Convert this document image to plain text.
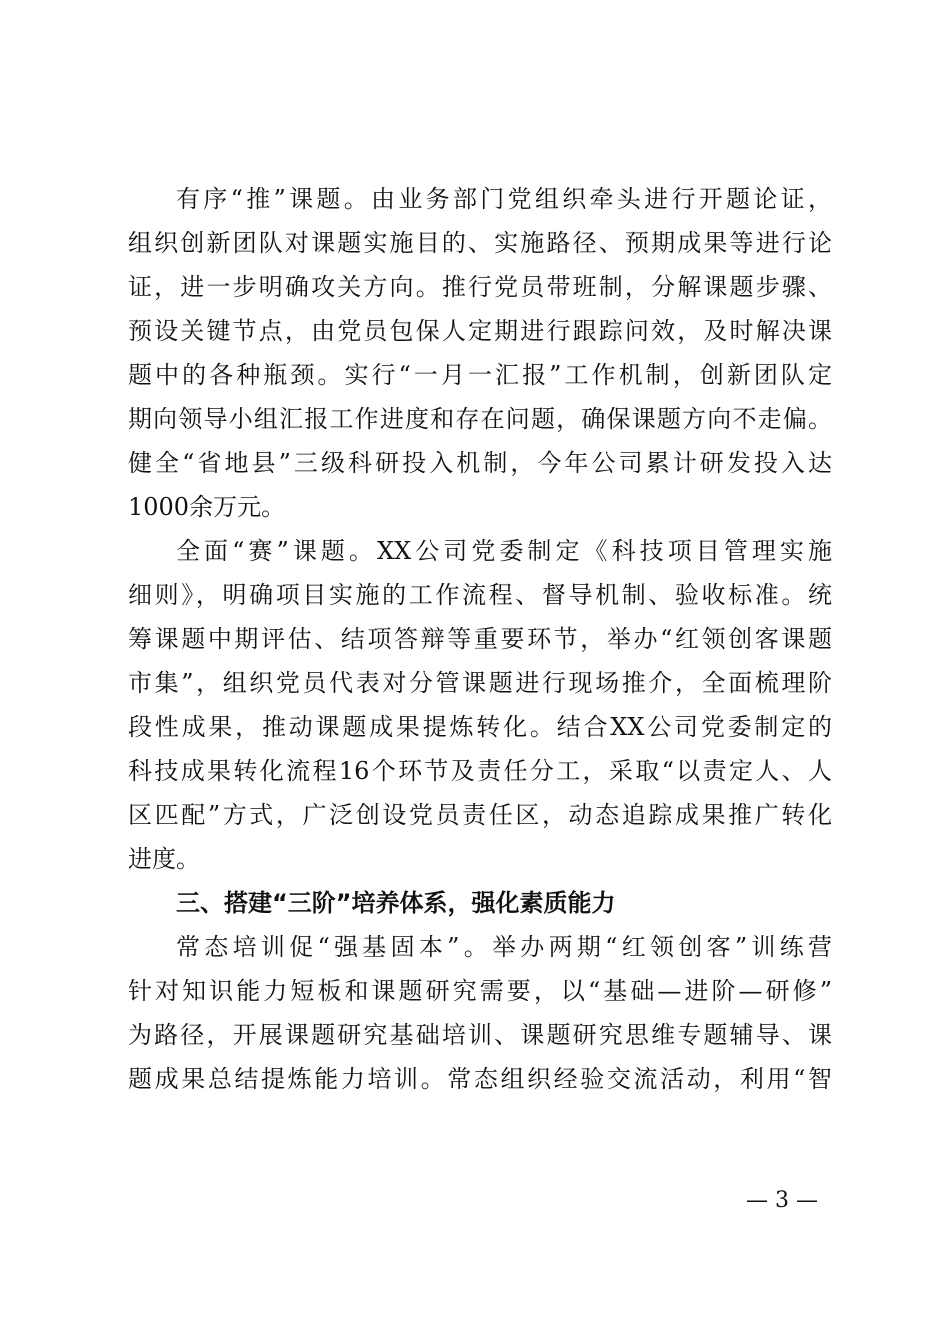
有序“推”课题。由业务部门党组织牵头进行开题论证，
组织创新团队对课题实施目的、实施路径、预期成果等进行论
证，进一步明确攻关方向。推行党员带班制，分解课题步骤、
预设关键节点，由党员包保人定期进行跟踪问效，及时解决课
题中的各种瓶颈。实行“一月一汇报”工作机制，创新团队定
期向领导小组汇报工作进度和存在问题，确保课题方向不走偏。
健全“省地县”三级科研投入机制，今年公司累计研发投入达
1000余万元。
全面“赛”课题。XX公司党委制定《科技项目管理实施
细则》，明确项目实施的工作流程、督导机制、验收标准。统
筹课题中期评估、结项答辩等重要环节，举办“红领创客课题
市集”，组织党员代表对分管课题进行现场推介，全面梳理阶
段性成果，推动课题成果提炼转化。结合XX公司党委制定的
科技成果转化流程16个环节及责任分工，采取“以责定人、人
区匹配”方式，广泛创设党员责任区，动态追踪成果推广转化
进度。
三、搭建“三阶”培养体系，强化素质能力
常态培训促“强基固本”。举办两期“红领创客”训练营
针对知识能力短板和课题研究需要，以“基础—进阶—研修”
为路径，开展课题研究基础培训、课题研究思维专题辅导、课
题成果总结提炼能力培训。常态组织经验交流活动，利用“智
— 3 —
